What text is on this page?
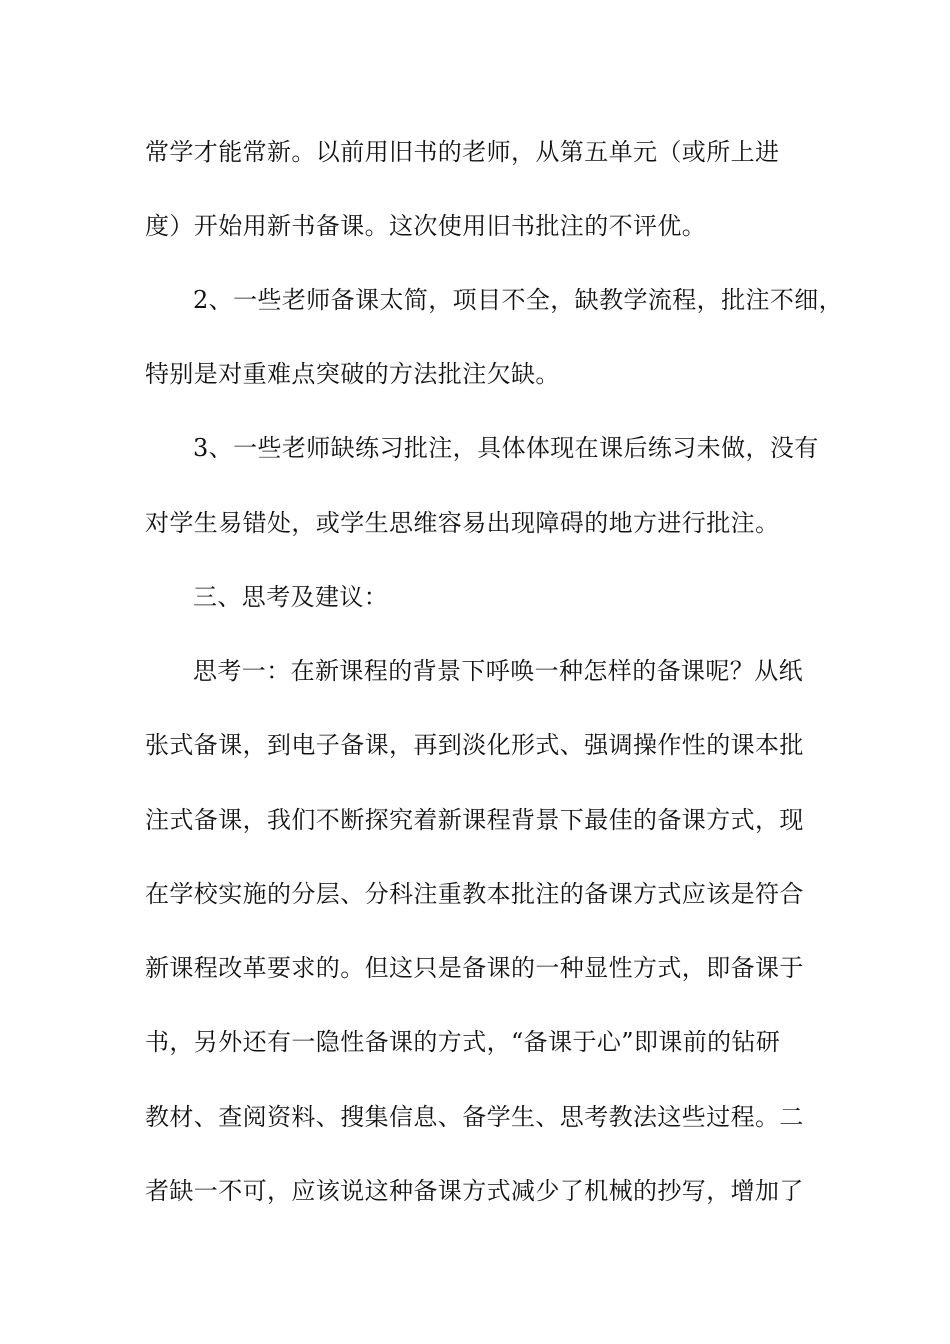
常学才能常新。以前用旧书的老师，从第五单元（或所上进
度）开始用新书备课。这次使用旧书批注的不评优。
2、一些老师备课太简，项目不全，缺教学流程，批注不细，
特别是对重难点突破的方法批注欠缺。
3、一些老师缺练习批注，具体体现在课后练习未做，没有
对学生易错处，或学生思维容易出现障碍的地方进行批注。
三、思考及建议：
思考一：在新课程的背景下呼唤一种怎样的备课呢？从纸
张式备课，到电子备课，再到淡化形式、强调操作性的课本批
注式备课，我们不断探究着新课程背景下最佳的备课方式，现
在学校实施的分层、分科注重教本批注的备课方式应该是符合
新课程改革要求的。但这只是备课的一种显性方式，即备课于
书，另外还有一隐性备课的方式，“备课于心”即课前的钻研
教材、查阅资料、搜集信息、备学生、思考教法这些过程。二
者缺一不可，应该说这种备课方式减少了机械的抄写，增加了
